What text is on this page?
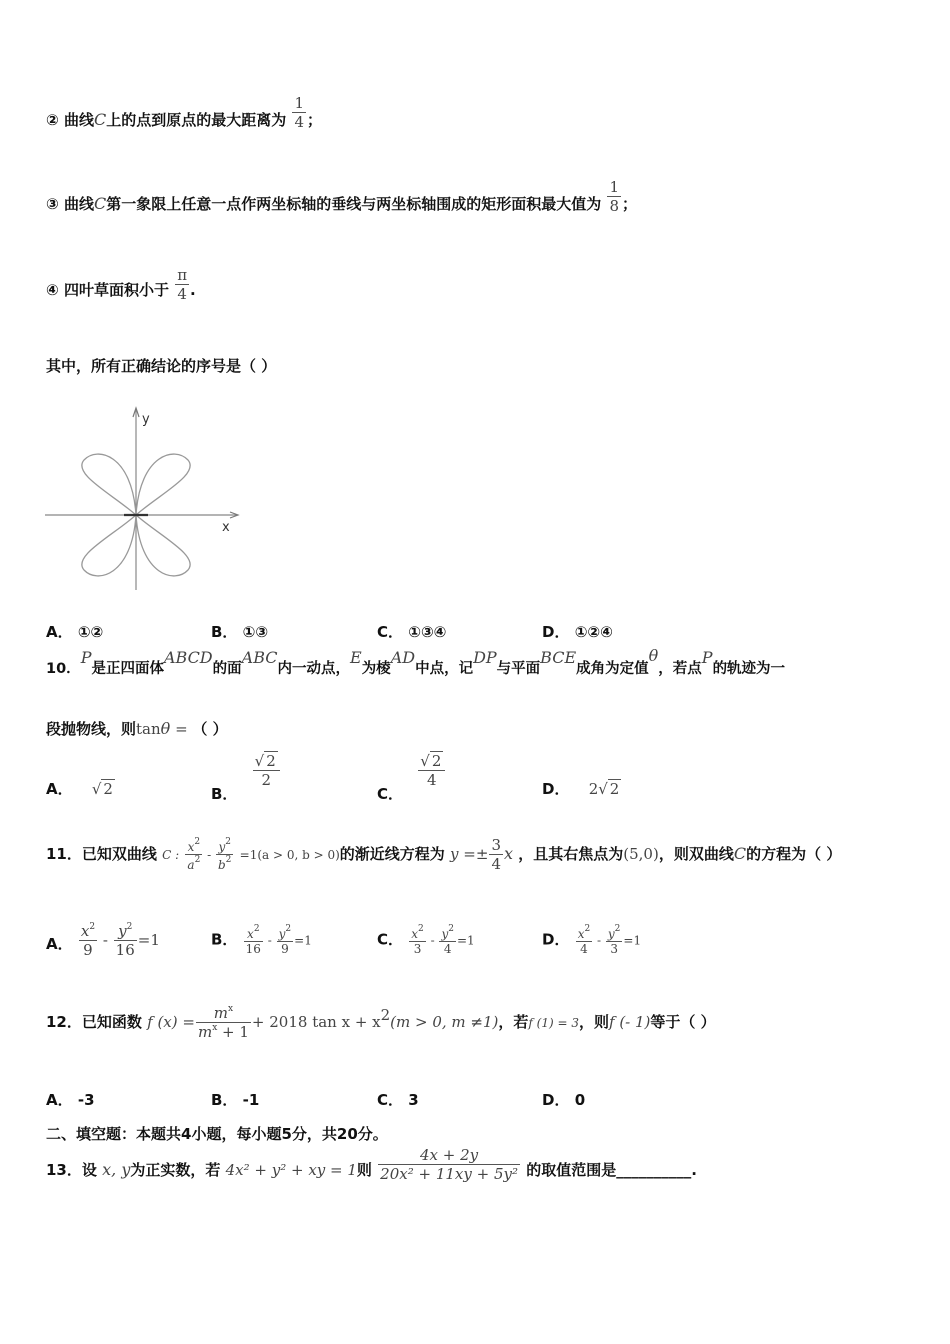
② 曲线C上的点到原点的最大距离为 $\frac{1}{4}$ ；
③ 曲线C第一象限上任意一点作两坐标轴的垂线与两坐标轴围成的矩形面积最大值为 $\frac{1}{8}$ ；
④ 四叶草面积小于 $\frac{\pi}{4}$ .
其中，所有正确结论的序号是（ ）
y
x
A． ①②	B． ①③	C． ①③④	D． ①②④
10．P是正四面体ABCD的面ABC内一动点，E为棱AD中点，记DP与平面BCE成角为定值θ，若点P的轨迹为一
段抛物线，则tanθ = （ ）
A． √ 2	B．
$\frac{√ 2}{2}$
C．
$\frac{√ 2}{4}$	D． 2√ 2
11．已知双曲线 C : $\frac{x^2}{a^2} - \frac{y^2}{b^2} =1(a > 0$, b > 0)的渐近线方程为 $y =\pm \frac{3}{4}$ x ，且其右焦点为(5,0)，则双曲线C的方程为（ ）
A． $\frac{x^2}{9} - \frac{y^2}{16} =1$	B． $\frac{x^2}{16} - \frac{y^2}{9} =1$	C． $\frac{x^2}{3} - \frac{y^2}{4} =1$	D． $\frac{x^2}{4} - \frac{y^2}{3} =1$
12．已知函数 f $(x) = \frac{m^x}{m^x + 1} + 2018$ $\tan x + x^2(m > 0$, m ≠1)，若f (1) = 3，则f (- 1)等于（ ）
A． -3	B． -1	C． 3	D． 0
二、填空题：本题共4小题，每小题5分，共20分。
13．设 x, y为正实数，若 4x² + y² + xy = 1则 $\frac{4x + 2y}{\text{20x² + 11xy + 5y²}}$ 的取值范围是__________.
